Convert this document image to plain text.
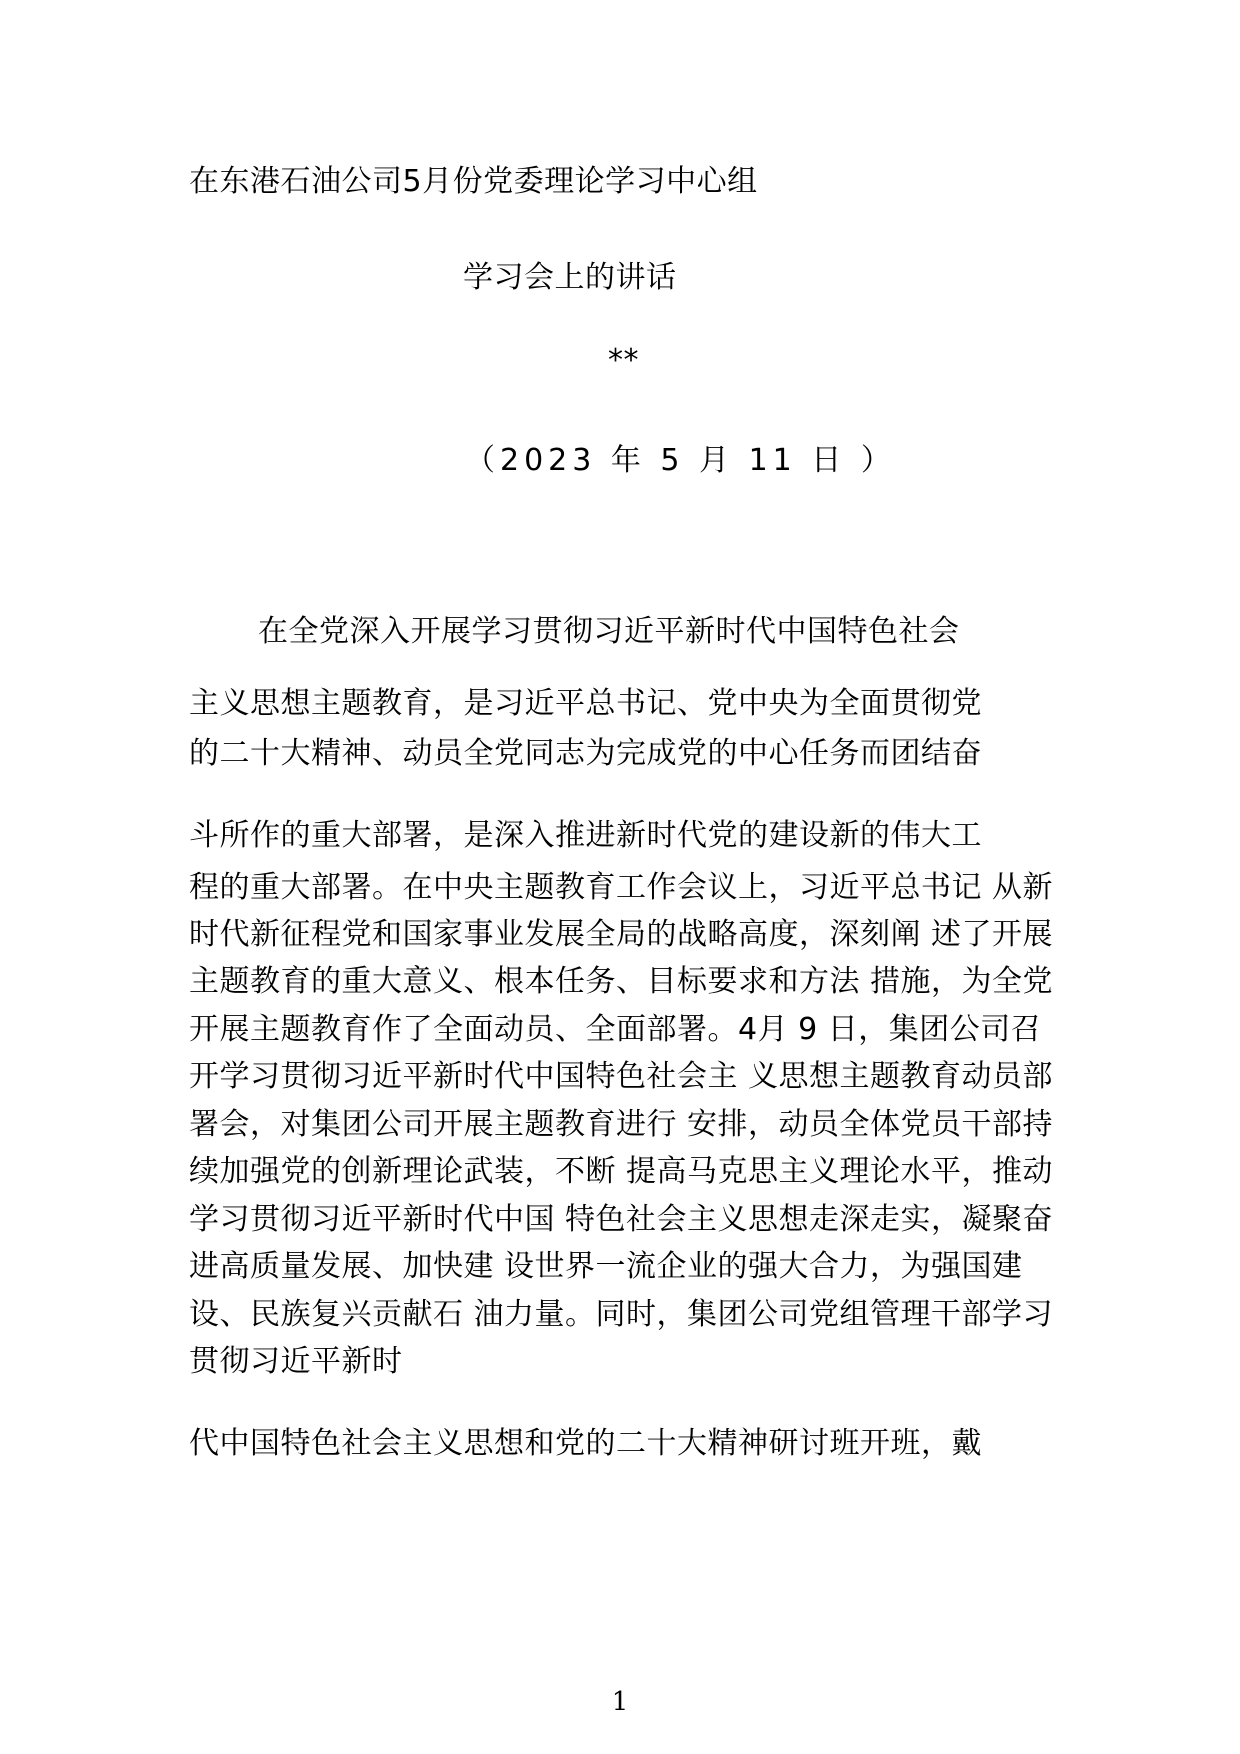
在东港石油公司5月份党委理论学习中心组
学习会上的讲话
**
（2023 年 5 月 11 日 ）
在全党深入开展学习贯彻习近平新时代中国特色社会
主义思想主题教育，是习近平总书记、党中央为全面贯彻党
的二十大精神、动员全党同志为完成党的中心任务而团结奋
斗所作的重大部署，是深入推进新时代党的建设新的伟大工
程的重大部署。在中央主题教育工作会议上，习近平总书记 从新
时代新征程党和国家事业发展全局的战略高度，深刻阐 述了开展
主题教育的重大意义、根本任务、目标要求和方法 措施，为全党
开展主题教育作了全面动员、全面部署。4月 9 日，集团公司召
开学习贯彻习近平新时代中国特色社会主 义思想主题教育动员部
署会，对集团公司开展主题教育进行 安排，动员全体党员干部持
续加强党的创新理论武装，不断 提高马克思主义理论水平，推动
学习贯彻习近平新时代中国 特色社会主义思想走深走实，凝聚奋
进高质量发展、加快建 设世界一流企业的强大合力，为强国建
设、民族复兴贡献石 油力量。同时，集团公司党组管理干部学习
贯彻习近平新时
代中国特色社会主义思想和党的二十大精神研讨班开班，戴
1
